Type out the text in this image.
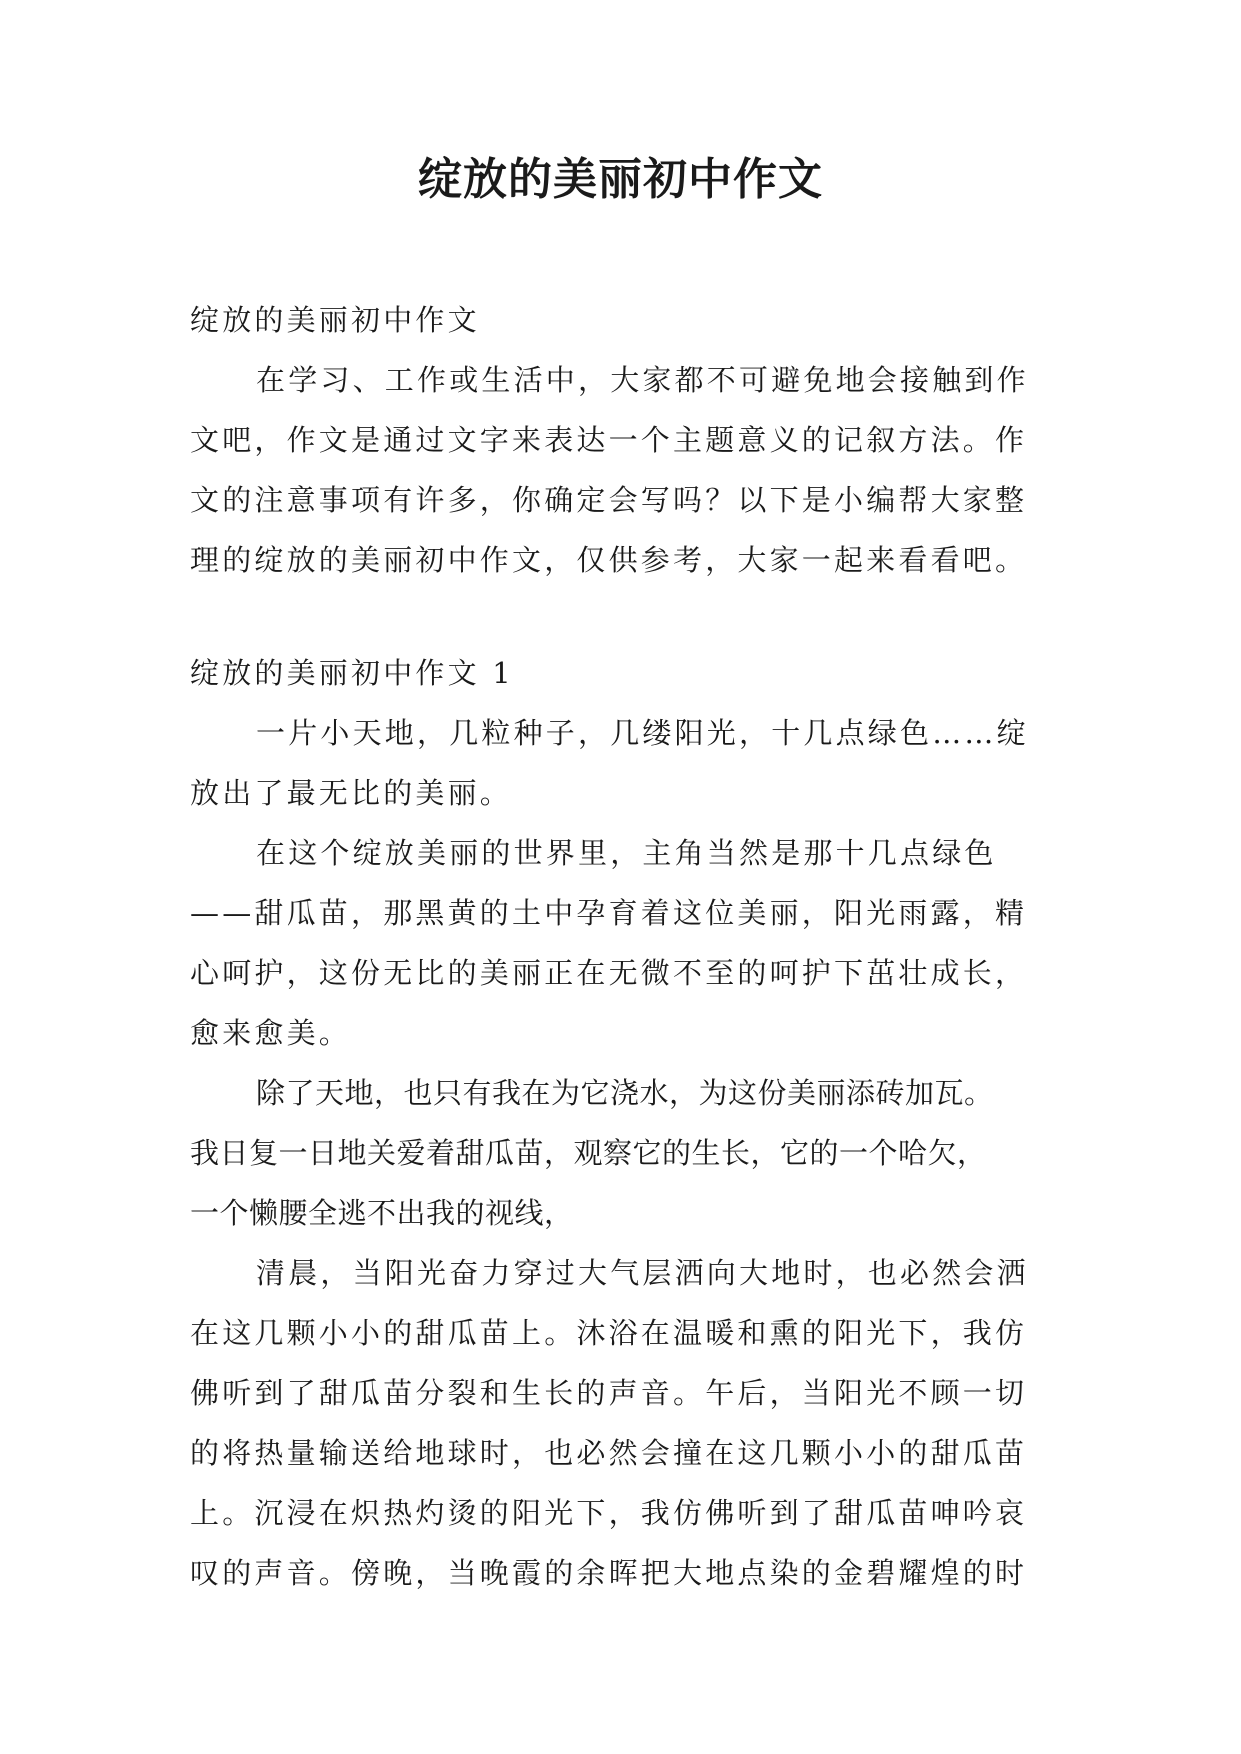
绽放的美丽初中作文
绽放的美丽初中作文
在学习、工作或生活中，大家都不可避免地会接触到作
文吧，作文是通过文字来表达一个主题意义的记叙方法。作
文的注意事项有许多，你确定会写吗？以下是小编帮大家整
理的绽放的美丽初中作文，仅供参考，大家一起来看看吧。
绽放的美丽初中作文 1
一片小天地，几粒种子，几缕阳光，十几点绿色……绽
放出了最无比的美丽。
在这个绽放美丽的世界里，主角当然是那十几点绿色
——甜瓜苗，那黑黄的土中孕育着这位美丽，阳光雨露，精
心呵护，这份无比的美丽正在无微不至的呵护下茁壮成长，
愈来愈美。
除了天地，也只有我在为它浇水，为这份美丽添砖加瓦。
我日复一日地关爱着甜瓜苗，观察它的生长，它的一个哈欠，
一个懒腰全逃不出我的视线，
清晨，当阳光奋力穿过大气层洒向大地时，也必然会洒
在这几颗小小的甜瓜苗上。沐浴在温暖和熏的阳光下，我仿
佛听到了甜瓜苗分裂和生长的声音。午后，当阳光不顾一切
的将热量输送给地球时，也必然会撞在这几颗小小的甜瓜苗
上。沉浸在炽热灼烫的阳光下，我仿佛听到了甜瓜苗呻吟哀
叹的声音。傍晚，当晚霞的余晖把大地点染的金碧耀煌的时
